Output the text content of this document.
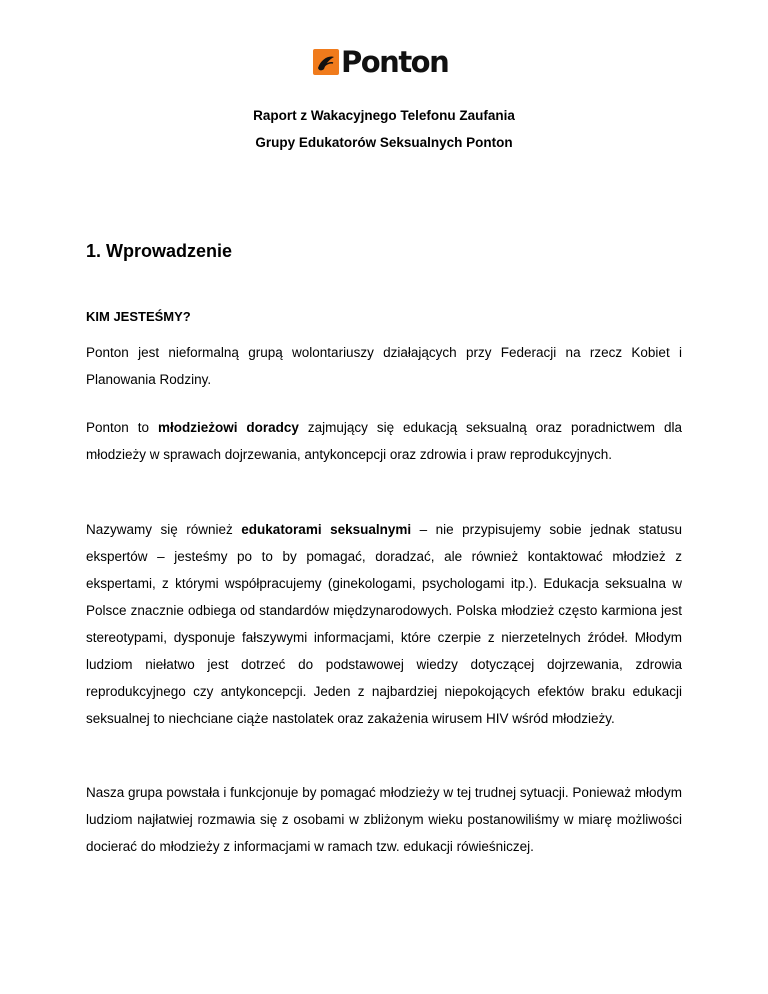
Ponton
Raport z Wakacyjnego Telefonu Zaufania
Grupy Edukatorów Seksualnych Ponton
1. Wprowadzenie
KIM JESTEŚMY?
Ponton jest nieformalną grupą wolontariuszy działających przy Federacji na rzecz Kobiet i Planowania Rodziny.
Ponton to młodzieżowi doradcy zajmujący się edukacją seksualną oraz poradnictwem dla młodzieży w sprawach dojrzewania, antykoncepcji oraz zdrowia i praw reprodukcyjnych.
Nazywamy się również edukatorami seksualnymi – nie przypisujemy sobie jednak statusu ekspertów – jesteśmy po to by pomagać, doradzać, ale również kontaktować młodzież z ekspertami, z którymi współpracujemy (ginekologami, psychologami itp.). Edukacja seksualna w Polsce znacznie odbiega od standardów międzynarodowych. Polska młodzież często karmiona jest stereotypami, dysponuje fałszywymi informacjami, które czerpie z nierzetelnych źródeł. Młodym ludziom niełatwo jest dotrzeć do podstawowej wiedzy dotyczącej dojrzewania, zdrowia reprodukcyjnego czy antykoncepcji. Jeden z najbardziej niepokojących efektów braku edukacji seksualnej to niechciane ciąże nastolatek oraz zakażenia wirusem HIV wśród młodzieży.
Nasza grupa powstała i funkcjonuje by pomagać młodzieży w tej trudnej sytuacji. Ponieważ młodym ludziom najłatwiej rozmawia się z osobami w zbliżonym wieku postanowiliśmy w miarę możliwości docierać do młodzieży z informacjami w ramach tzw. edukacji rówieśniczej.
